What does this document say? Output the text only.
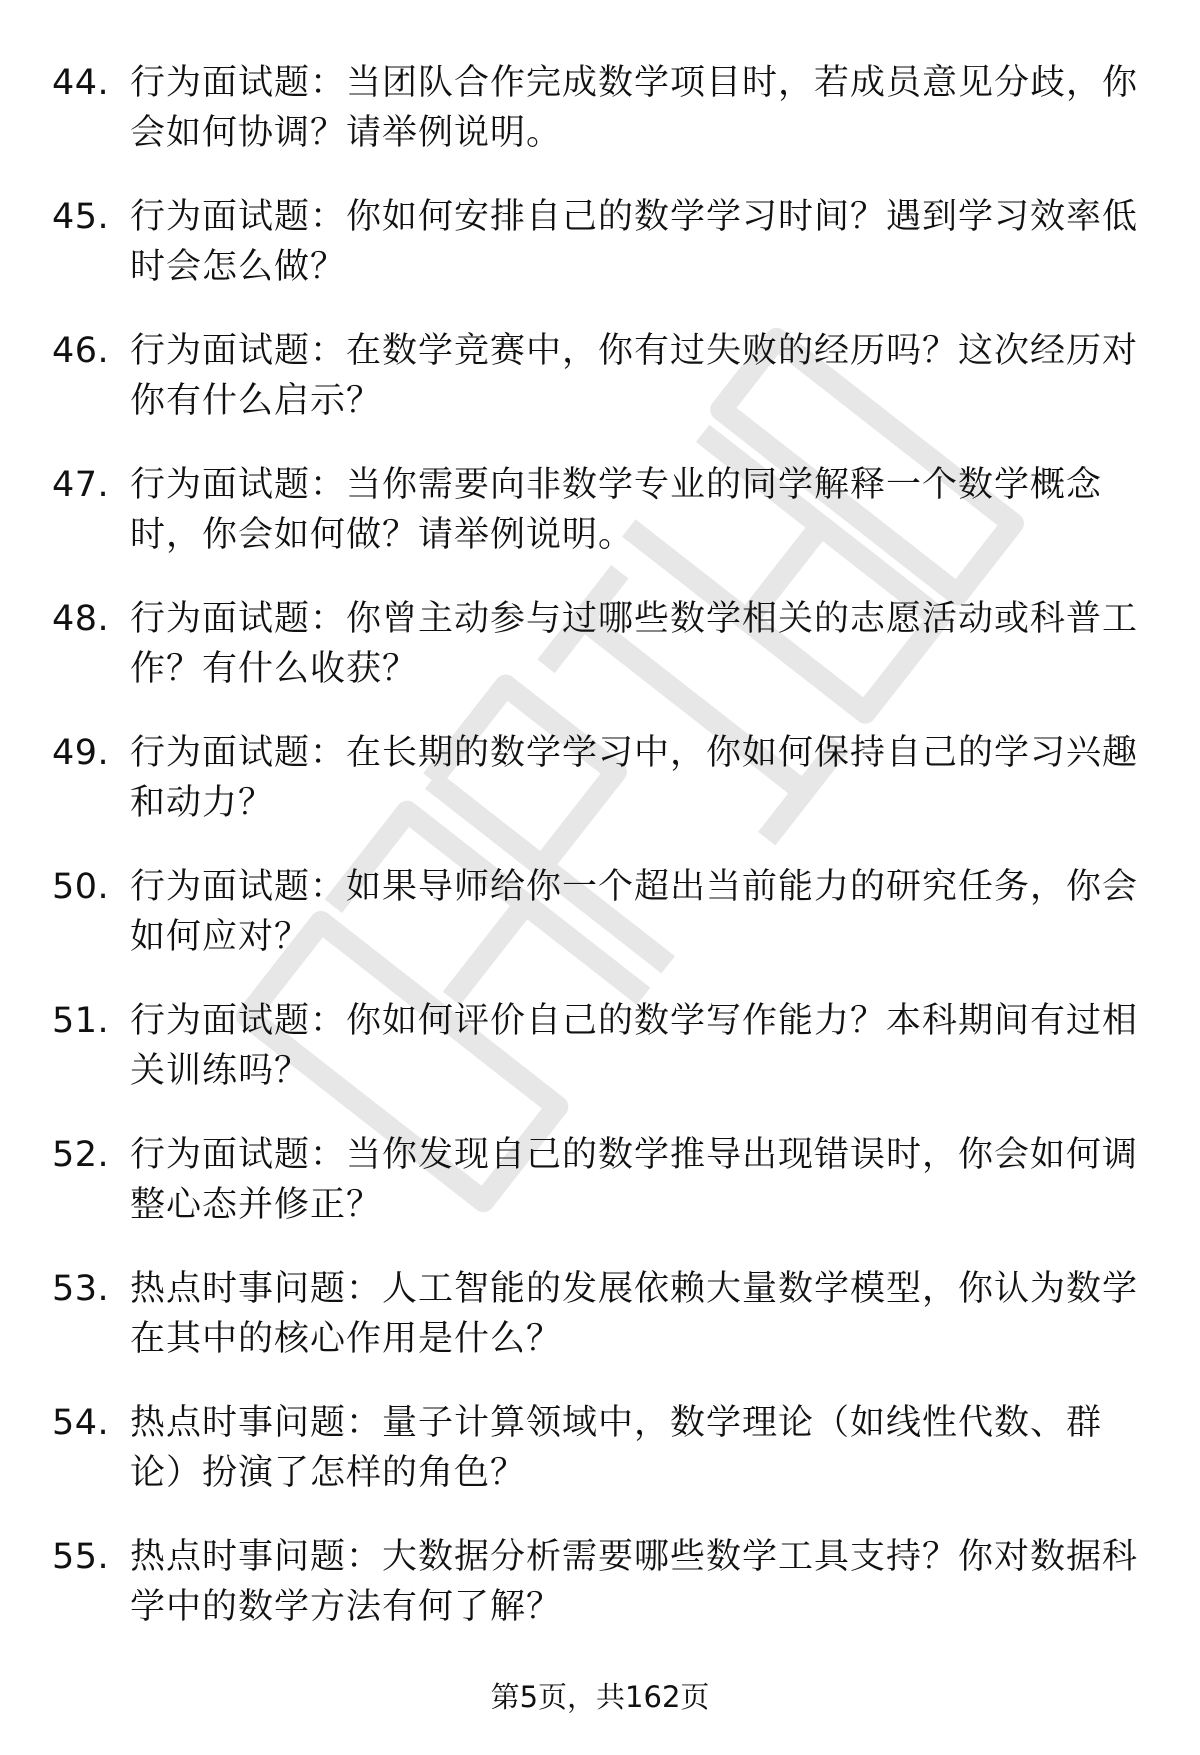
44. 行为面试题：当团队合作完成数学项目时，若成员意见分歧，你会如何协调？请举例说明。
45. 行为面试题：你如何安排自己的数学学习时间？遇到学习效率低时会怎么做？
46. 行为面试题：在数学竞赛中，你有过失败的经历吗？这次经历对你有什么启示？
47. 行为面试题：当你需要向非数学专业的同学解释一个数学概念时，你会如何做？请举例说明。
48. 行为面试题：你曾主动参与过哪些数学相关的志愿活动或科普工作？有什么收获？
49. 行为面试题：在长期的数学学习中，你如何保持自己的学习兴趣和动力？
50. 行为面试题：如果导师给你一个超出当前能力的研究任务，你会如何应对？
51. 行为面试题：你如何评价自己的数学写作能力？本科期间有过相关训练吗？
52. 行为面试题：当你发现自己的数学推导出现错误时，你会如何调整心态并修正？
53. 热点时事问题：人工智能的发展依赖大量数学模型，你认为数学在其中的核心作用是什么？
54. 热点时事问题：量子计算领域中，数学理论（如线性代数、群论）扮演了怎样的角色？
55. 热点时事问题：大数据分析需要哪些数学工具支持？你对数据科学中的数学方法有何了解？
第5页，共162页
